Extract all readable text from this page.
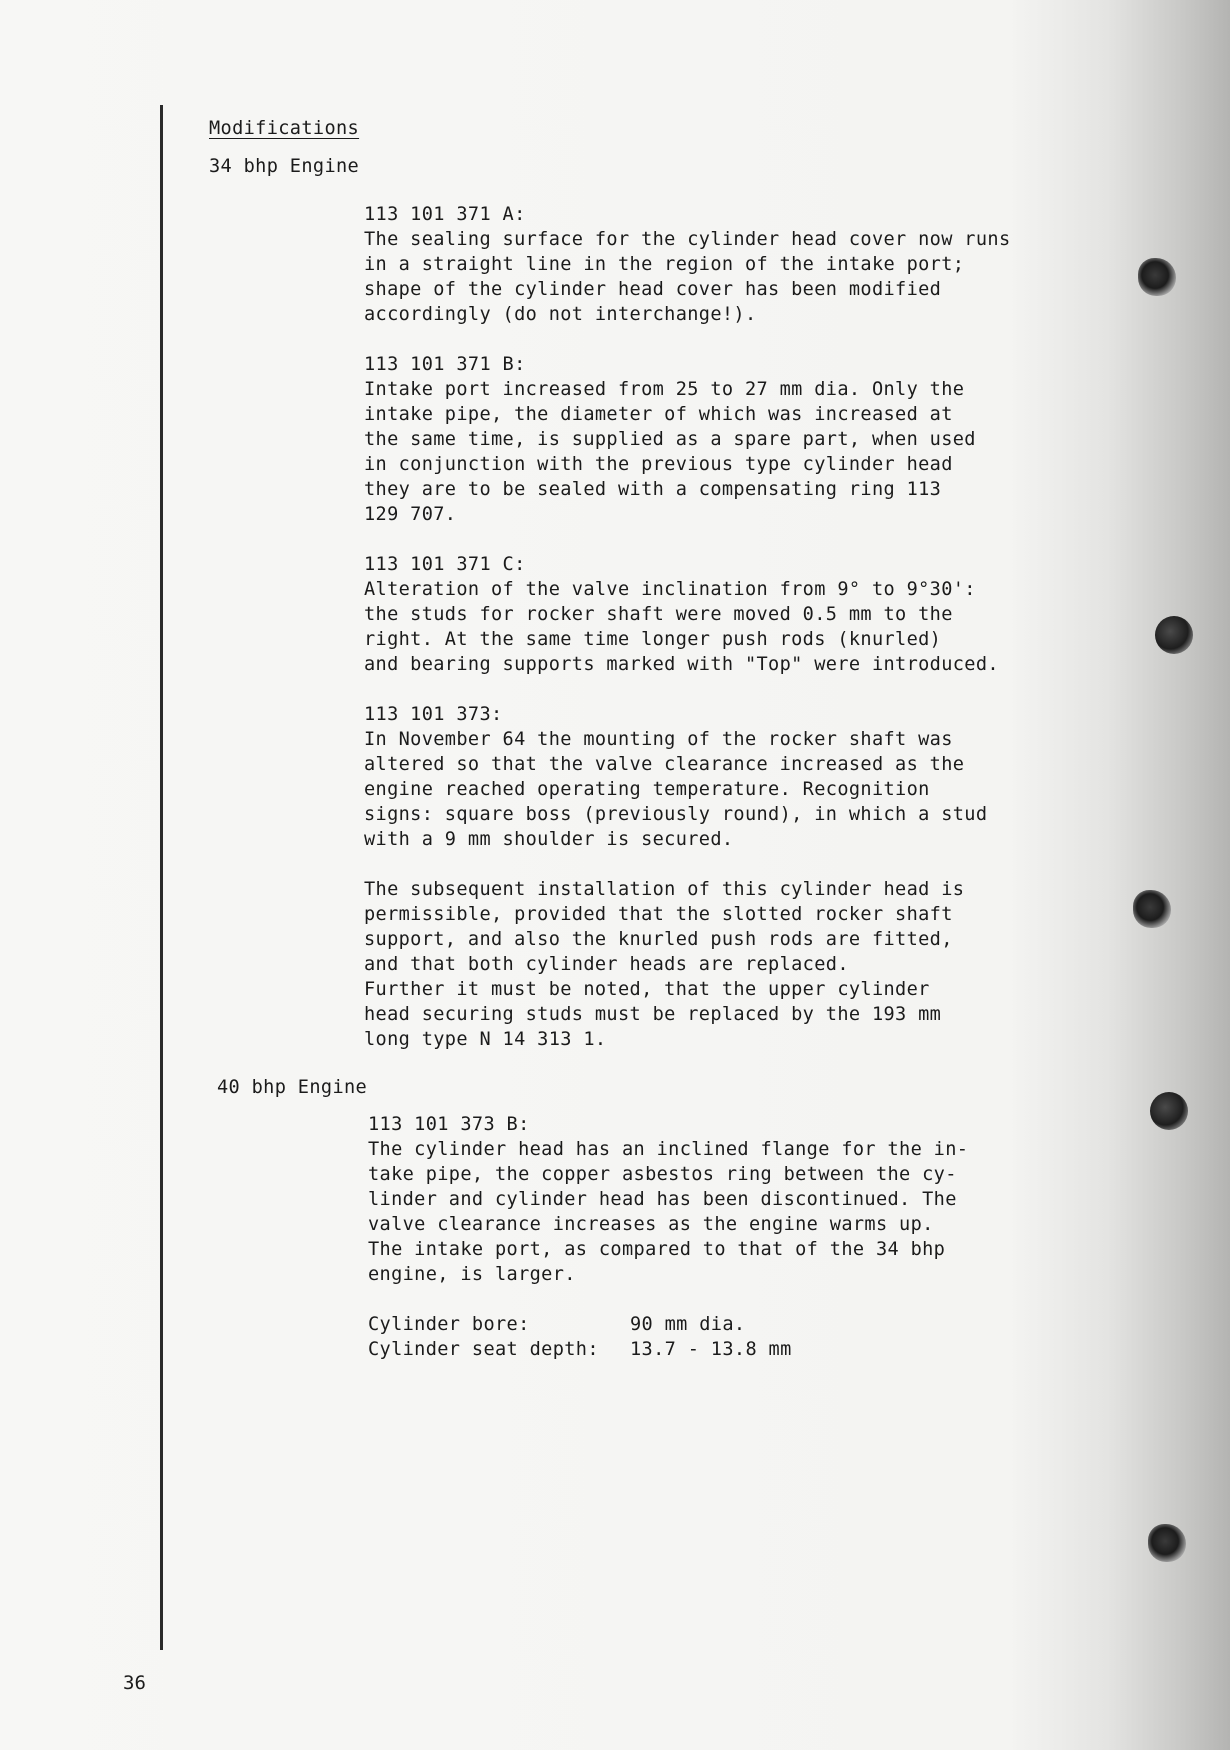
Modifications
34 bhp Engine
113 101 371 A:
The sealing surface for the cylinder head cover now runs
in a straight line in the region of the intake port;
shape of the cylinder head cover has been modified
accordingly (do not interchange!).
113 101 371 B:
Intake port increased from 25 to 27 mm dia. Only the
intake pipe, the diameter of which was increased at
the same time, is supplied as a spare part, when used
in conjunction with the previous type cylinder head
they are to be sealed with a compensating ring 113
129 707.
113 101 371 C:
Alteration of the valve inclination from 9° to 9°30':
the studs for rocker shaft were moved 0.5 mm to the
right. At the same time longer push rods (knurled)
and bearing supports marked with "Top" were introduced.
113 101 373:
In November 64 the mounting of the rocker shaft was
altered so that the valve clearance increased as the
engine reached operating temperature. Recognition
signs: square boss (previously round), in which a stud
with a 9 mm shoulder is secured.
The subsequent installation of this cylinder head is
permissible, provided that the slotted rocker shaft
support, and also the knurled push rods are fitted,
and that both cylinder heads are replaced.
Further it must be noted, that the upper cylinder
head securing studs must be replaced by the 193 mm
long type N 14 313 1.
40 bhp Engine
113 101 373 B:
The cylinder head has an inclined flange for the in-
take pipe, the copper asbestos ring between the cy-
linder and cylinder head has been discontinued. The
valve clearance increases as the engine warms up.
The intake port, as compared to that of the 34 bhp
engine, is larger.
Cylinder bore:	90 mm dia.
Cylinder seat depth:	13.7 - 13.8 mm
36
